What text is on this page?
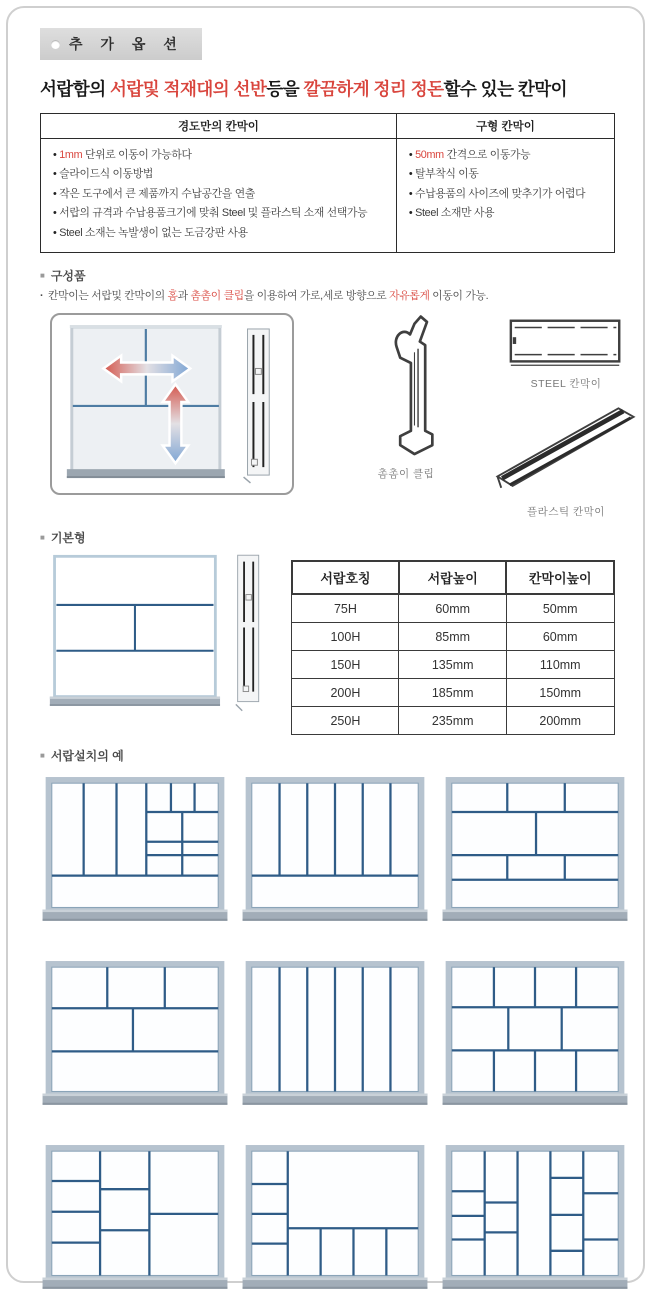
추 가 옵 션
서랍함의 서랍및 적재대의 선반등을 깔끔하게 정리 정돈할수 있는 칸막이
경도만의 칸막이	구형 칸막이

• 1mm 단위로 이동이 가능하다
• 슬라이드식 이동방법
• 작은 도구에서 큰 제품까지 수납공간을 연출
• 서랍의 규격과 수납용품크기에 맞춰 Steel 및 플라스틱 소재 선택가능
• Steel 소재는 녹발생이 없는 도금강판 사용

• 50mm 간격으로 이동가능
• 탈부착식 이동
• 수납용품의 사이즈에 맞추기가 어렵다
• Steel 소재만 사용
■ 구성품
· 칸막이는 서랍및 칸막이의 홈과 촘촘이 클립을 이용하여 가로,세로 방향으로 자유롭게 이동이 가능.
촘촘이 클립
STEEL 칸막이
플라스틱 칸막이
■ 기본형
서랍호칭	서랍높이	칸막이높이
75H	60mm	50mm
100H	85mm	60mm
150H	135mm	110mm
200H	185mm	150mm
250H	235mm	200mm
■ 서랍설치의 예
